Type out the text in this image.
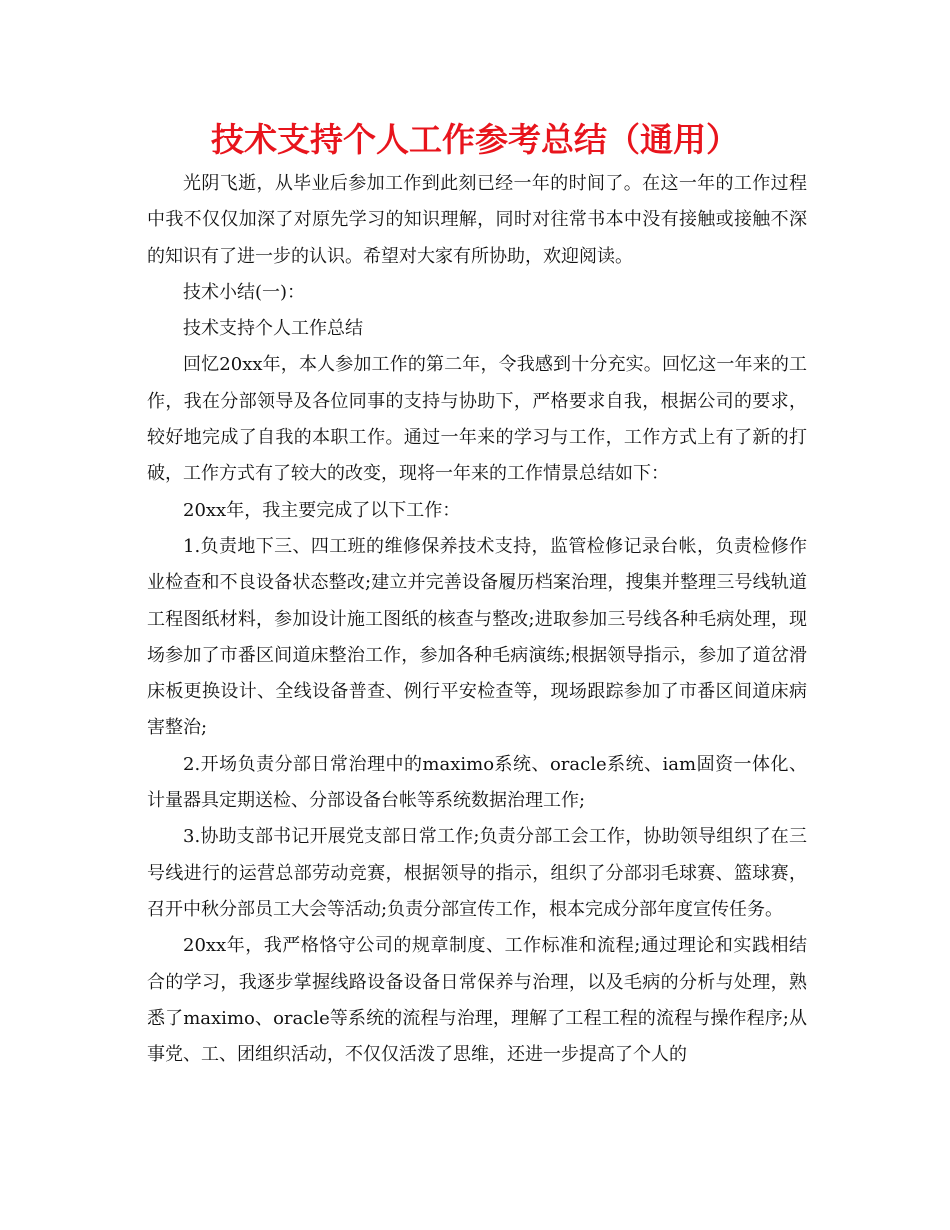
技术支持个人工作参考总结（通用）

光阴飞逝，从毕业后参加工作到此刻已经一年的时间了。在这一年的工作过程中我不仅仅加深了对原先学习的知识理解，同时对往常书本中没有接触或接触不深的知识有了进一步的认识。希望对大家有所协助，欢迎阅读。

技术小结(一)：

技术支持个人工作总结

回忆20xx年，本人参加工作的第二年，令我感到十分充实。回忆这一年来的工作，我在分部领导及各位同事的支持与协助下，严格要求自我，根据公司的要求，较好地完成了自我的本职工作。通过一年来的学习与工作，工作方式上有了新的打破，工作方式有了较大的改变，现将一年来的工作情景总结如下：

20xx年，我主要完成了以下工作：

1.负责地下三、四工班的维修保养技术支持，监管检修记录台帐，负责检修作业检查和不良设备状态整改;建立并完善设备履历档案治理，搜集并整理三号线轨道工程图纸材料，参加设计施工图纸的核查与整改;进取参加三号线各种毛病处理，现场参加了市番区间道床整治工作，参加各种毛病演练;根据领导指示，参加了道岔滑床板更换设计、全线设备普查、例行平安检查等，现场跟踪参加了市番区间道床病害整治;

2.开场负责分部日常治理中的maximo系统、oracle系统、iam固资一体化、计量器具定期送检、分部设备台帐等系统数据治理工作;

3.协助支部书记开展党支部日常工作;负责分部工会工作，协助领导组织了在三号线进行的运营总部劳动竞赛，根据领导的指示，组织了分部羽毛球赛、篮球赛，召开中秋分部员工大会等活动;负责分部宣传工作，根本完成分部年度宣传任务。

20xx年，我严格恪守公司的规章制度、工作标准和流程;通过理论和实践相结合的学习，我逐步掌握线路设备设备日常保养与治理，以及毛病的分析与处理，熟悉了maximo、oracle等系统的流程与治理，理解了工程工程的流程与操作程序;从事党、工、团组织活动，不仅仅活泼了思维，还进一步提高了个人的
